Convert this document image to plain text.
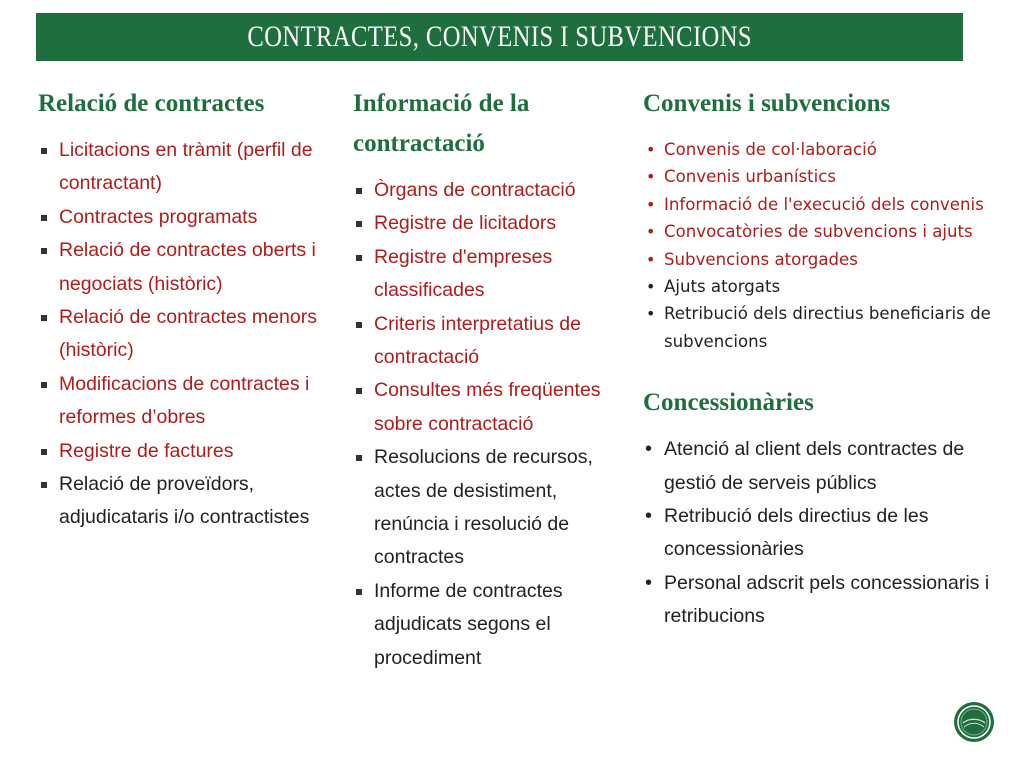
CONTRACTES, CONVENIS I SUBVENCIONS
Relació de contractes
Licitacions en tràmit (perfil de contractant)
Contractes programats
Relació de contractes oberts i negociats (històric)
Relació de contractes menors (històric)
Modificacions de contractes i reformes d’obres
Registre de factures
Relació de proveïdors, adjudicataris i/o contractistes
Informació de la contractació
Òrgans de contractació
Registre de licitadors
Registre d'empreses classificades
Criteris interpretatius de contractació
Consultes més freqüentes sobre contractació
Resolucions de recursos, actes de desistiment, renúncia i resolució de contractes
Informe de contractes adjudicats segons el procediment
Convenis i subvencions
• Convenis de col·laboració
• Convenis urbanístics
• Informació de l'execució dels convenis
• Convocatòries de subvencions i ajuts
• Subvencions atorgades
• Ajuts atorgats
• Retribució dels directius beneficiaris de subvencions
Concessionàries
• Atenció al client dels contractes de gestió de serveis públics
• Retribució dels directius de les concessionàries
• Personal adscrit pels concessionaris i retribucions
